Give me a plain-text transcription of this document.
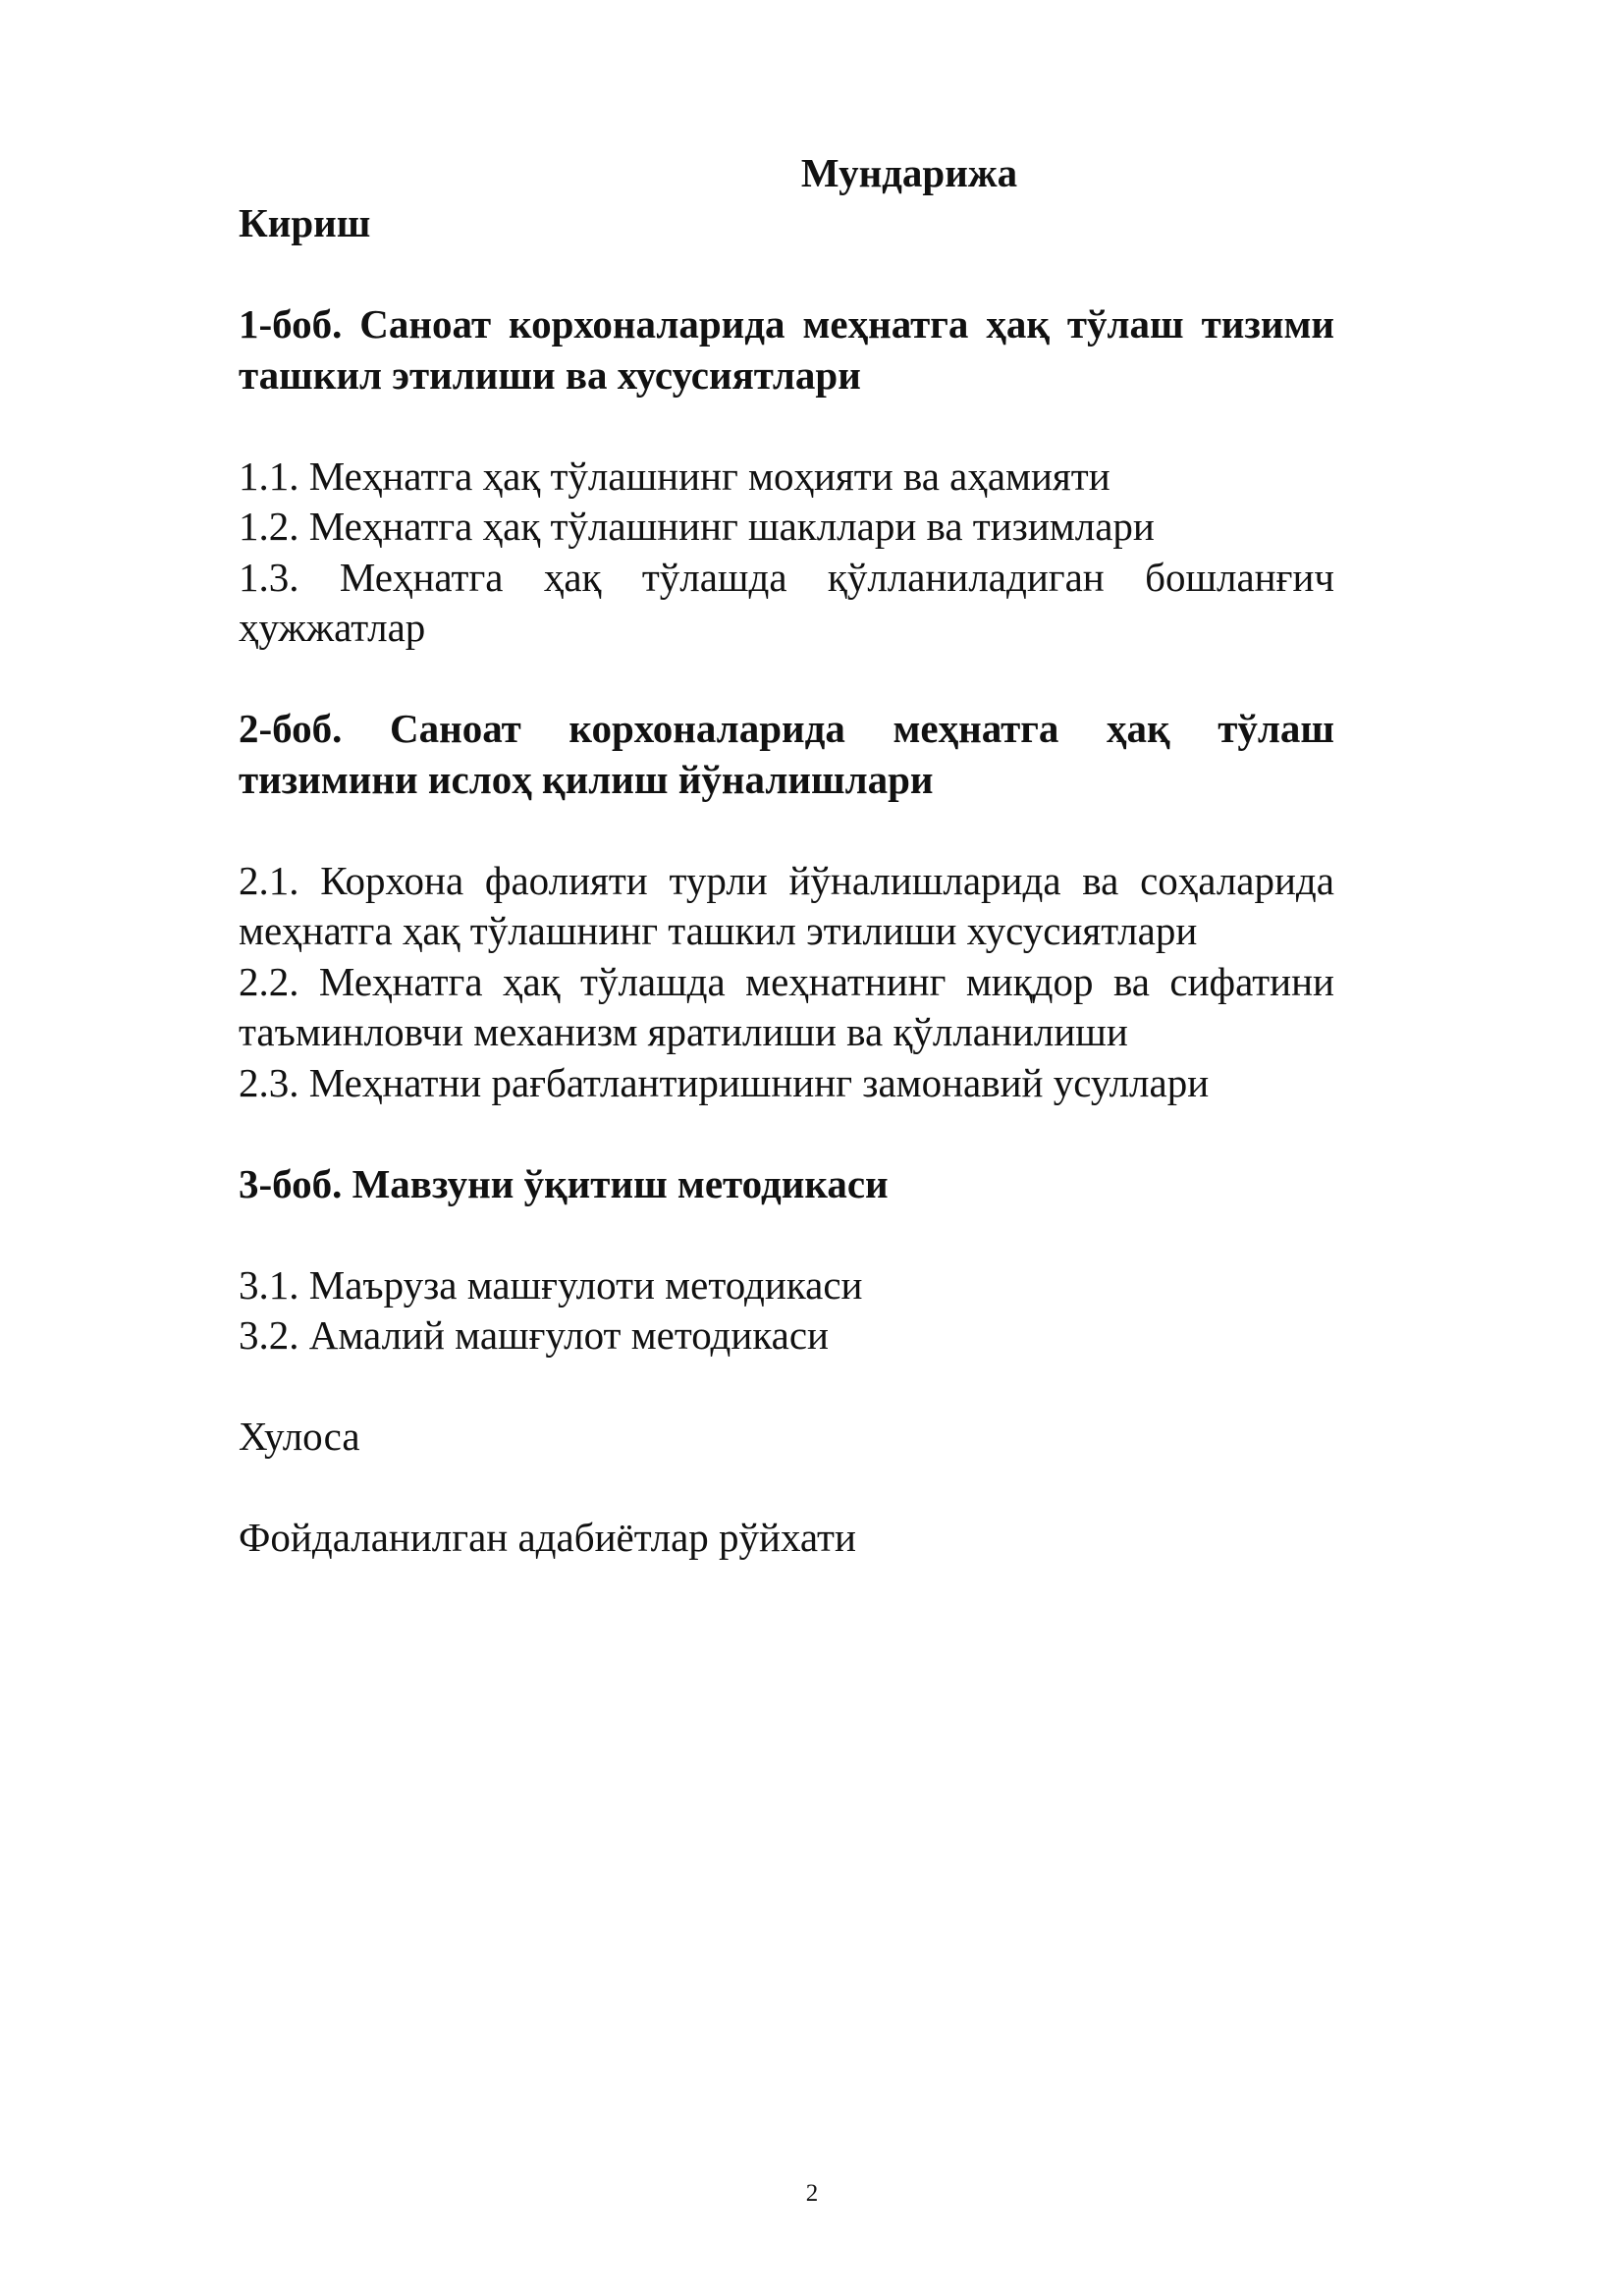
Мундарижа

Кириш

1-боб. Саноат корхоналарида меҳнатга ҳақ тўлаш тизими ташкил этилиши ва хусусиятлари

1.1. Меҳнатга ҳақ тўлашнинг моҳияти ва аҳамияти

1.2. Меҳнатга ҳақ тўлашнинг шакллари ва тизимлари

1.3. Меҳнатга ҳақ тўлашда қўлланиладиган бошланғич ҳужжатлар

2-боб. Саноат корхоналарида меҳнатга ҳақ тўлаш тизимини ислоҳ қилиш йўналишлари

2.1. Корхона фаолияти турли йўналишларида ва соҳаларида меҳнатга ҳақ тўлашнинг ташкил этилиши хусусиятлари

2.2. Меҳнатга ҳақ тўлашда меҳнатнинг миқдор ва сифатини таъминловчи механизм яратилиши ва қўлланилиши

2.3. Меҳнатни рағбатлантиришнинг замонавий усуллари

3-боб. Мавзуни ўқитиш методикаси

3.1. Маъруза машғулоти методикаси

3.2. Амалий машғулот методикаси

Хулоса

Фойдаланилган адабиётлар рўйхати

2
